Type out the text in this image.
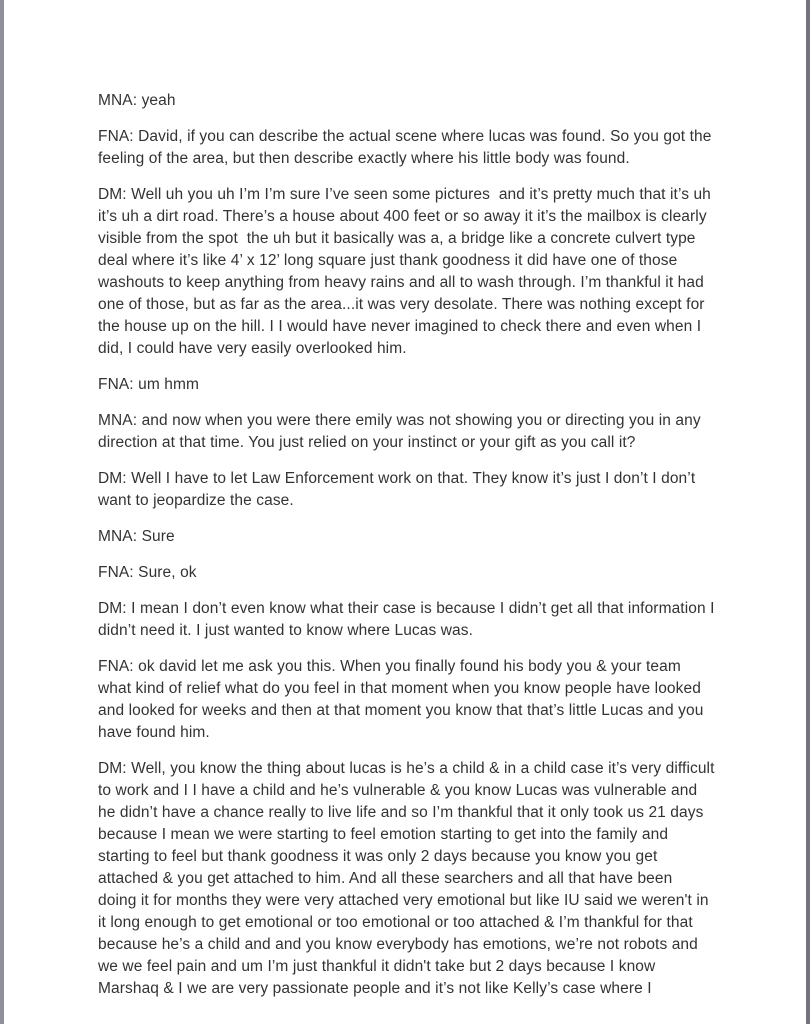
MNA: yeah

FNA: David, if you can describe the actual scene where lucas was found. So you got the feeling of the area, but then describe exactly where his little body was found.

DM: Well uh you uh I’m I’m sure I’ve seen some pictures  and it’s pretty much that it’s uh it’s uh a dirt road. There’s a house about 400 feet or so away it it’s the mailbox is clearly visible from the spot  the uh but it basically was a, a bridge like a concrete culvert type deal where it’s like 4’ x 12’ long square just thank goodness it did have one of those washouts to keep anything from heavy rains and all to wash through. I’m thankful it had one of those, but as far as the area...it was very desolate. There was nothing except for the house up on the hill. I I would have never imagined to check there and even when I did, I could have very easily overlooked him.

FNA: um hmm

MNA: and now when you were there emily was not showing you or directing you in any direction at that time. You just relied on your instinct or your gift as you call it?

DM: Well I have to let Law Enforcement work on that. They know it’s just I don’t I don’t want to jeopardize the case.

MNA: Sure

FNA: Sure, ok

DM: I mean I don’t even know what their case is because I didn’t get all that information I didn’t need it. I just wanted to know where Lucas was.

FNA: ok david let me ask you this. When you finally found his body you & your team what kind of relief what do you feel in that moment when you know people have looked and looked for weeks and then at that moment you know that that’s little Lucas and you have found him.

DM: Well, you know the thing about lucas is he’s a child & in a child case it’s very difficult to work and I I have a child and he’s vulnerable & you know Lucas was vulnerable and he didn’t have a chance really to live life and so I’m thankful that it only took us 21 days because I mean we were starting to feel emotion starting to get into the family and starting to feel but thank goodness it was only 2 days because you know you get attached & you get attached to him. And all these searchers and all that have been doing it for months they were very attached very emotional but like IU said we weren't in it long enough to get emotional or too emotional or too attached & I’m thankful for that because he’s a child and and you know everybody has emotions, we’re not robots and we we feel pain and um I’m just thankful it didn't take but 2 days because I know Marshaq & I we are very passionate people and it’s not like Kelly’s case where I
